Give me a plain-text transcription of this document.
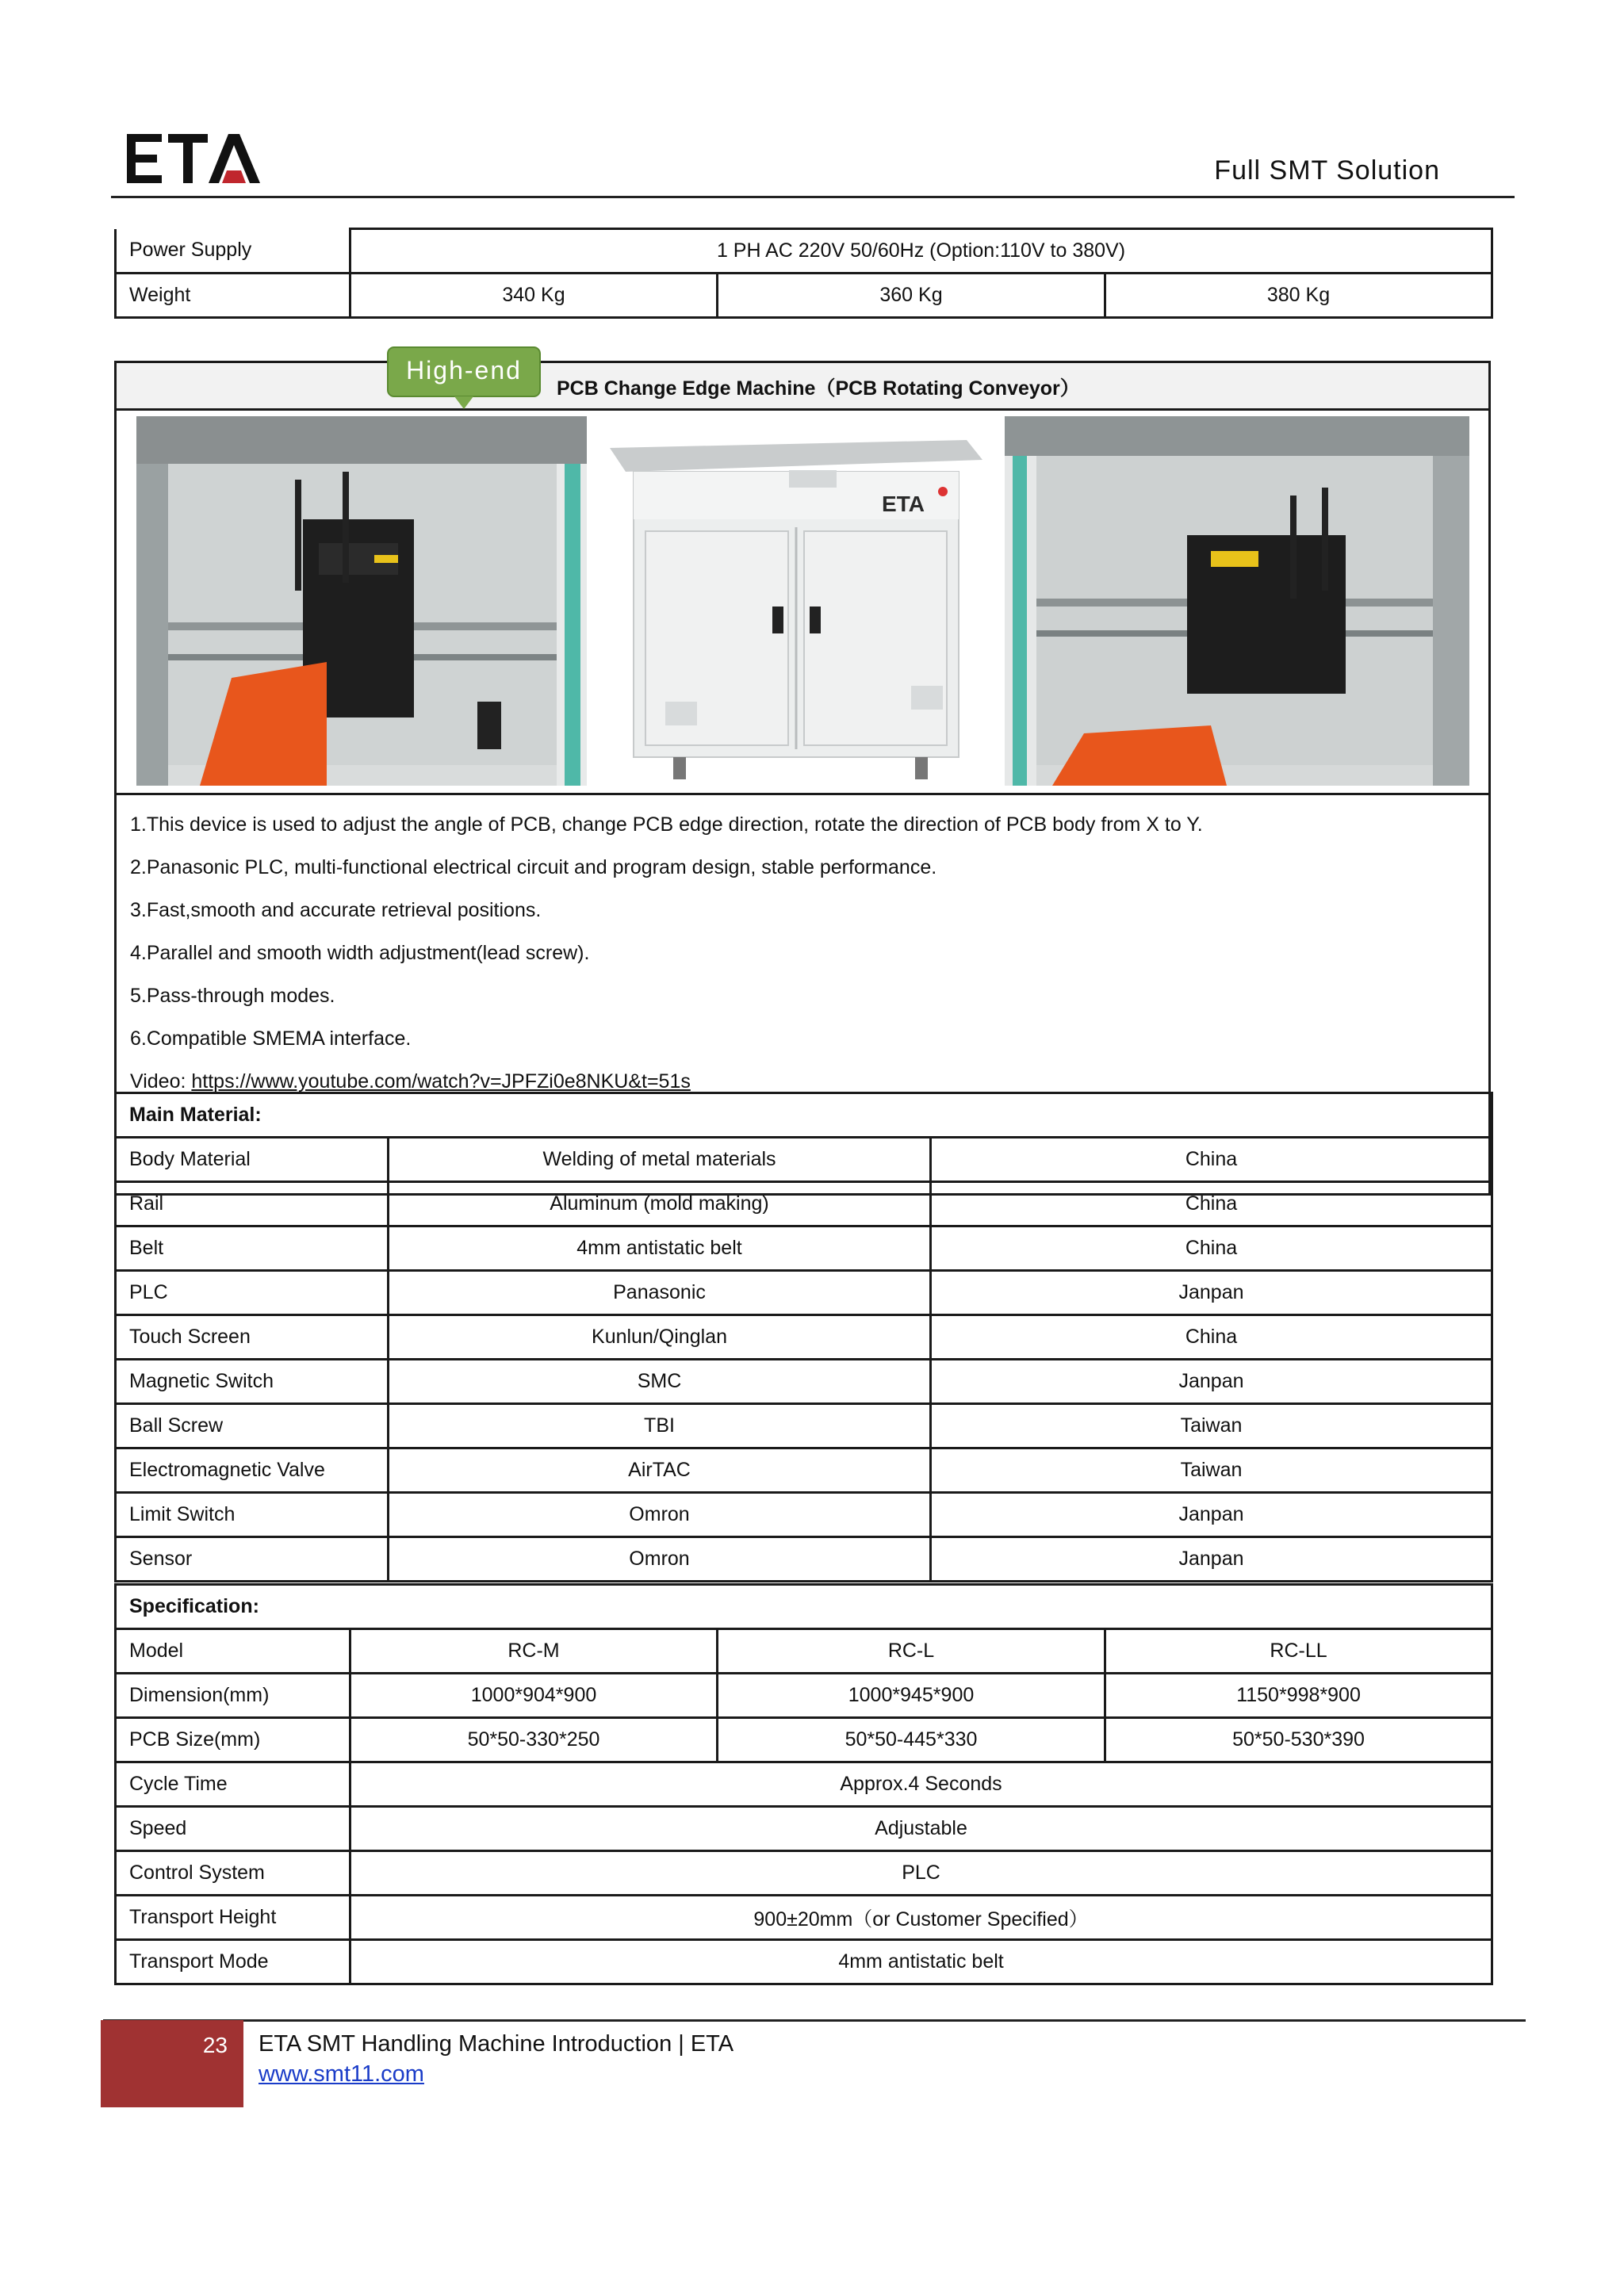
Full SMT Solution
Power Supply	1 PH AC 220V 50/60Hz (Option:110V to 380V)		
Weight	340 Kg	360 Kg	380 Kg
PCB Change Edge Machine（PCB Rotating Conveyor）
High-end
ETA

1.This device is used to adjust the angle of PCB, change PCB edge direction, rotate the direction of PCB body from X to Y.

2.Panasonic PLC, multi-functional electrical circuit and program design, stable performance.

3.Fast,smooth and accurate retrieval positions.

4.Parallel and smooth width adjustment(lead screw).

5.Pass-through modes.

6.Compatible SMEMA interface.

Video: https://www.youtube.com/watch?v=JPFZi0e8NKU&t=51s
Main Material:		
Body Material	Welding of metal materials	China
Rail	Aluminum (mold making)	China
Belt	4mm antistatic belt	China
PLC	Panasonic	Janpan
Touch Screen	Kunlun/Qinglan	China
Magnetic Switch	SMC	Janpan
Ball Screw	TBI	Taiwan
Electromagnetic Valve	AirTAC	Taiwan
Limit Switch	Omron	Janpan
Sensor	Omron	Janpan
Specification:			
Model	RC-M	RC-L	RC-LL
Dimension(mm)	1000*904*900	1000*945*900	1150*998*900
PCB Size(mm)	50*50-330*250	50*50-445*330	50*50-530*390
Cycle Time	Approx.4 Seconds		
Speed	Adjustable		
Control System	PLC		
Transport Height	900±20mm（or Customer Specified）		
Transport Mode	4mm antistatic belt		
23 ETA SMT Handling Machine Introduction | ETA
www.smt11.com
